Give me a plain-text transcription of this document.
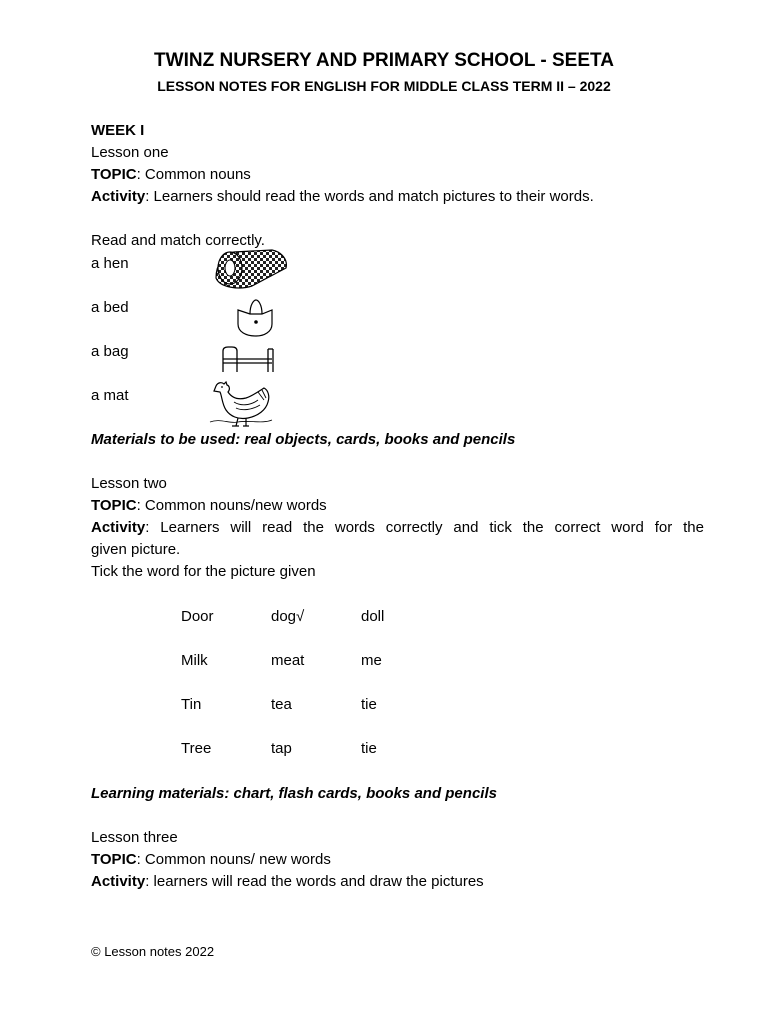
TWINZ NURSERY AND PRIMARY SCHOOL - SEETA
LESSON NOTES FOR ENGLISH FOR MIDDLE CLASS TERM II – 2022
WEEK I
Lesson one
TOPIC: Common nouns
Activity: Learners should read the words and match pictures to their words.
Read and match correctly.
a hen
a bed
a bag
a mat
Materials to be used: real objects, cards, books and pencils
Lesson two
TOPIC: Common nouns/new words
Activity: Learners will read the words correctly and tick the correct word for the
given picture.
Tick the word for the picture given
Door	dog√	doll
Milk	meat	me
Tin	tea	tie
Tree	tap	tie
Learning materials: chart, flash cards, books and pencils
Lesson three
TOPIC: Common nouns/ new words
Activity: learners will read the words and draw the pictures
© Lesson notes 2022
